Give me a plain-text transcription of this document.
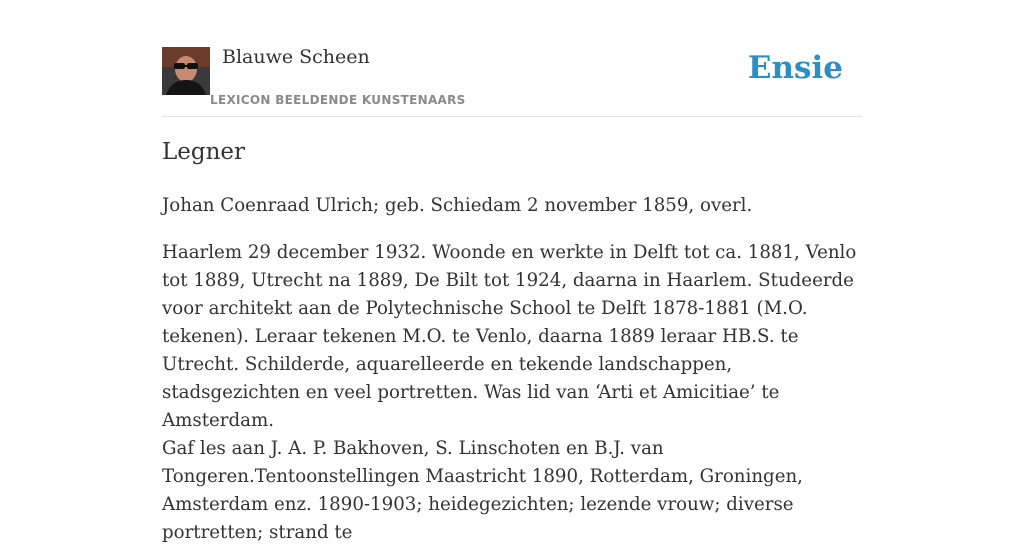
Blauwe Scheen
LEXICON BEELDENDE KUNSTENAARS
Ensie
Legner

Johan Coenraad Ulrich; geb. Schiedam 2 november 1859, overl.

Haarlem 29 december 1932. Woonde en werkte in Delft tot ca. 1881, Venlo tot 1889, Utrecht na 1889, De Bilt tot 1924, daarna in Haarlem. Studeerde voor architekt aan de Polytechnische School te Delft 1878-1881 (M.O. tekenen). Leraar tekenen M.O. te Venlo, daarna 1889 leraar HB.S. te Utrecht. Schilderde, aquarelleerde en tekende landschappen, stadsgezichten en veel portretten. Was lid van ‘Arti et Amicitiae’ te Amsterdam.

Gaf les aan J. A. P. Bakhoven, S. Linschoten en B.J. van Tongeren.Tentoonstellingen Maastricht 1890, Rotterdam, Groningen, Amsterdam enz. 1890-1903; heidegezichten; lezende vrouw; diverse portretten; strand te
